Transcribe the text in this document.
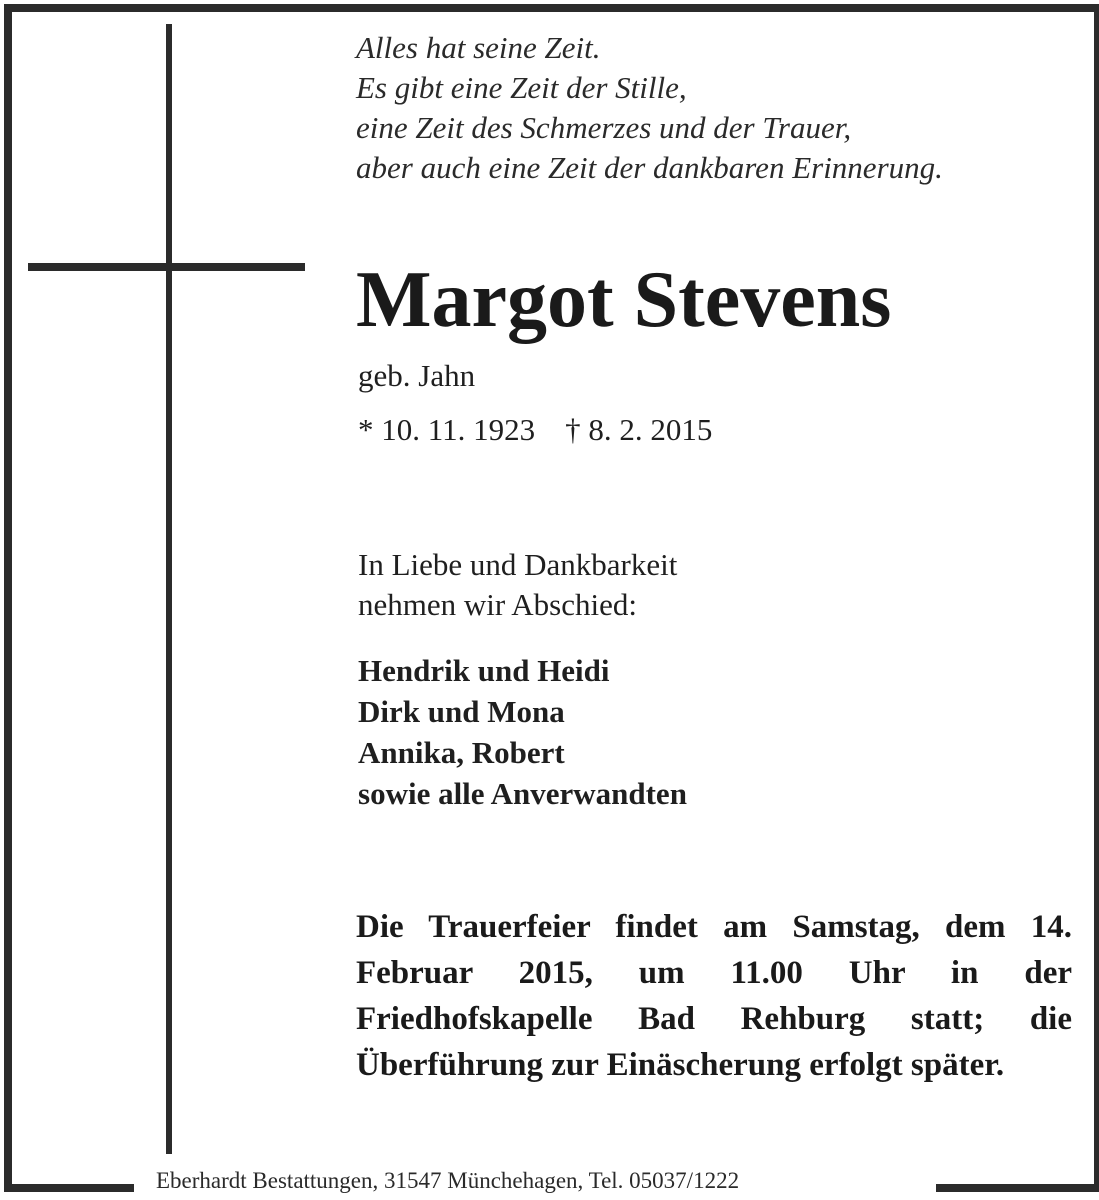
Alles hat seine Zeit.
Es gibt eine Zeit der Stille,
eine Zeit des Schmerzes und der Trauer,
aber auch eine Zeit der dankbaren Erinnerung.
Margot Stevens
geb. Jahn
* 10. 11. 1923 † 8. 2. 2015
In Liebe und Dankbarkeit
nehmen wir Abschied:
Hendrik und Heidi
Dirk und Mona
Annika, Robert
sowie alle Anverwandten
Die Trauerfeier findet am Samstag, dem 14. Februar 2015, um 11.00 Uhr in der Friedhofskapelle Bad Rehburg statt; die Überführung zur Einäscherung erfolgt später.
Eberhardt Bestattungen, 31547 Münchehagen, Tel. 05037/1222
